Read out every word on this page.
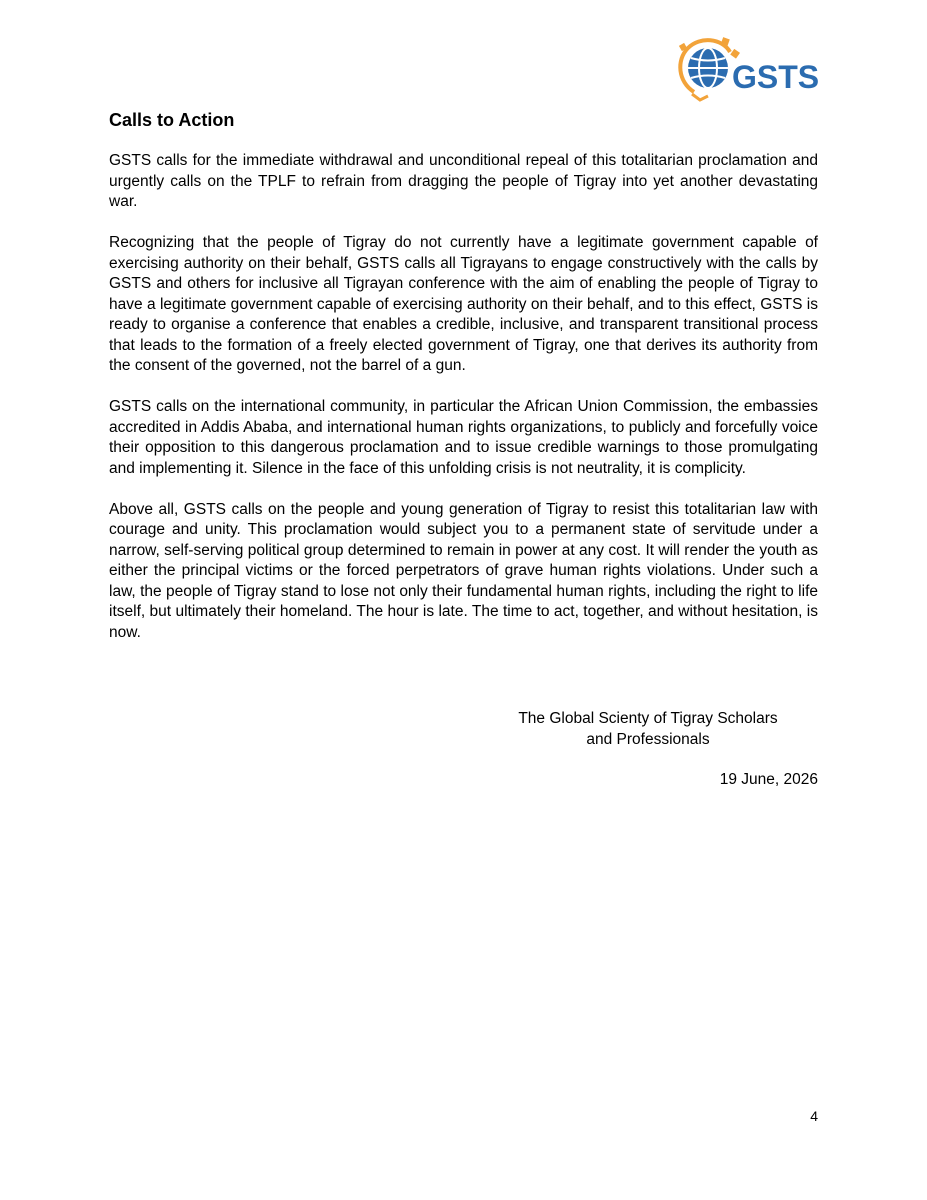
GSTS
Calls to Action

GSTS calls for the immediate withdrawal and unconditional repeal of this totalitarian proclamation and urgently calls on the TPLF to refrain from dragging the people of Tigray into yet another devastating war.

Recognizing that the people of Tigray do not currently have a legitimate government capable of exercising authority on their behalf, GSTS calls all Tigrayans to engage constructively with the calls by GSTS and others for inclusive all Tigrayan conference with the aim of enabling the people of Tigray to have a legitimate government capable of exercising authority on their behalf, and to this effect, GSTS is ready to organise a conference that enables a credible, inclusive, and transparent transitional process that leads to the formation of a freely elected government of Tigray, one that derives its authority from the consent of the governed, not the barrel of a gun.

GSTS calls on the international community, in particular the African Union Commission, the embassies accredited in Addis Ababa, and international human rights organizations, to publicly and forcefully voice their opposition to this dangerous proclamation and to issue credible warnings to those promulgating and implementing it. Silence in the face of this unfolding crisis is not neutrality, it is complicity.

Above all, GSTS calls on the people and young generation of Tigray to resist this totalitarian law with courage and unity. This proclamation would subject you to a permanent state of servitude under a narrow, self-serving political group determined to remain in power at any cost. It will render the youth as either the principal victims or the forced perpetrators of grave human rights violations. Under such a law, the people of Tigray stand to lose not only their fundamental human rights, including the right to life itself, but ultimately their homeland. The hour is late. The time to act, together, and without hesitation, is now.

The Global Scienty of Tigray Scholars
and Professionals
19 June, 2026
4
